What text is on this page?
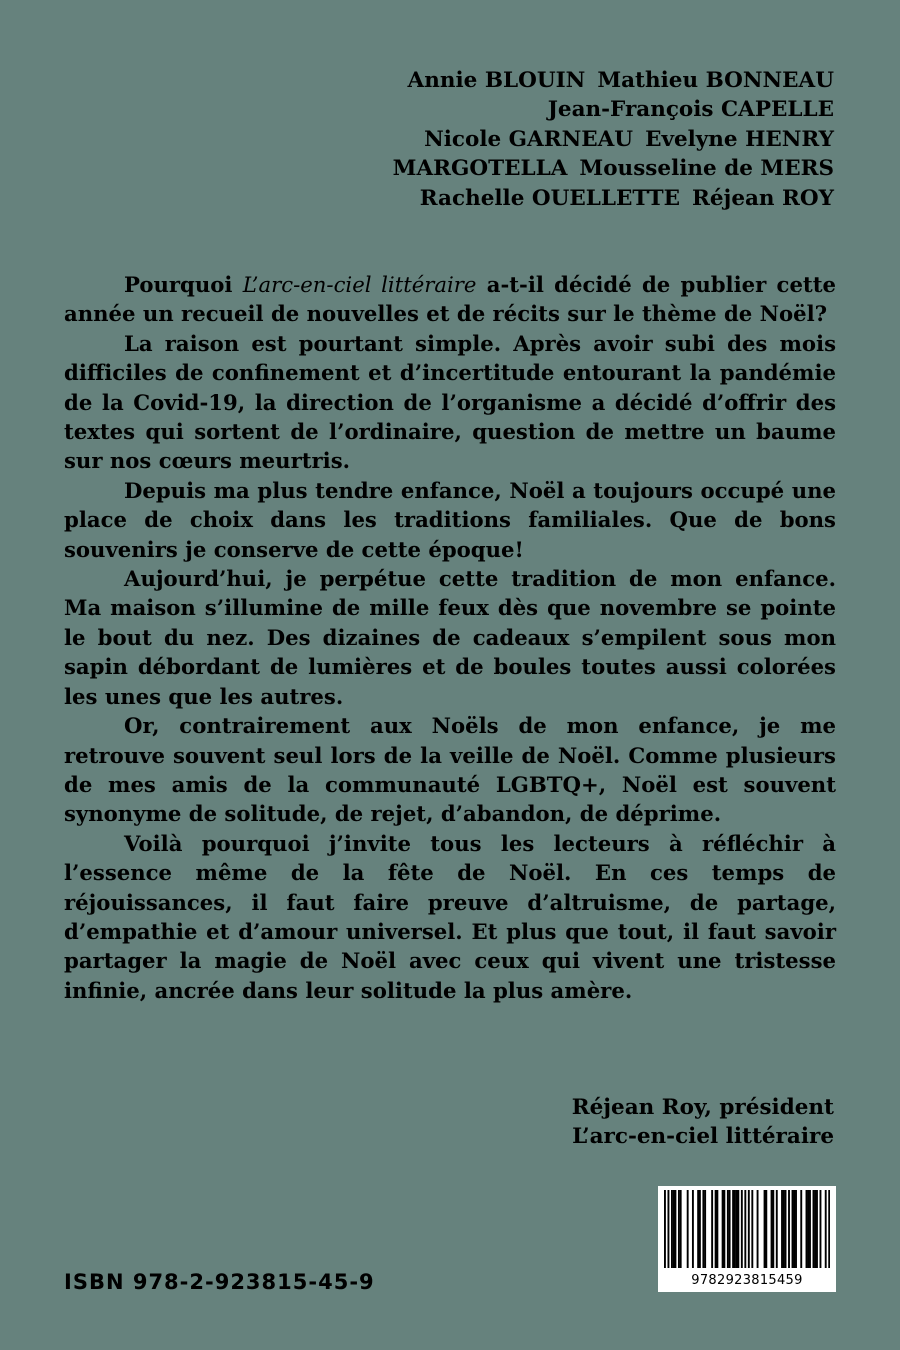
Annie BLOUIN Mathieu BONNEAU
Jean-François CAPELLE
Nicole GARNEAU Evelyne HENRY
MARGOTELLA Mousseline de MERS
Rachelle OUELLETTE Réjean ROY

Pourquoi L’arc-en-ciel littéraire a-t-il décidé de publier cette année un recueil de nouvelles et de récits sur le thème de Noël?

La raison est pourtant simple. Après avoir subi des mois difficiles de confinement et d’incertitude entourant la pandémie de la Covid-19, la direction de l’organisme a décidé d’offrir des textes qui sortent de l’ordinaire, question de mettre un baume sur nos cœurs meurtris.

Depuis ma plus tendre enfance, Noël a toujours occupé une place de choix dans les traditions familiales. Que de bons souvenirs je conserve de cette époque!

Aujourd’hui, je perpétue cette tradition de mon enfance. Ma maison s’illumine de mille feux dès que novembre se pointe le bout du nez. Des dizaines de cadeaux s’empilent sous mon sapin débordant de lumières et de boules toutes aussi colorées les unes que les autres.

Or, contrairement aux Noëls de mon enfance, je me retrouve souvent seul lors de la veille de Noël. Comme plusieurs de mes amis de la communauté LGBTQ+, Noël est souvent synonyme de solitude, de rejet, d’abandon, de déprime.

Voilà pourquoi j’invite tous les lecteurs à réfléchir à l’essence même de la fête de Noël. En ces temps de réjouissances, il faut faire preuve d’altruisme, de partage, d’empathie et d’amour universel. Et plus que tout, il faut savoir partager la magie de Noël avec ceux qui vivent une tristesse infinie, ancrée dans leur solitude la plus amère.

Réjean Roy, président
L’arc-en-ciel littéraire
ISBN 978-2-923815-45-9	9782923815459
